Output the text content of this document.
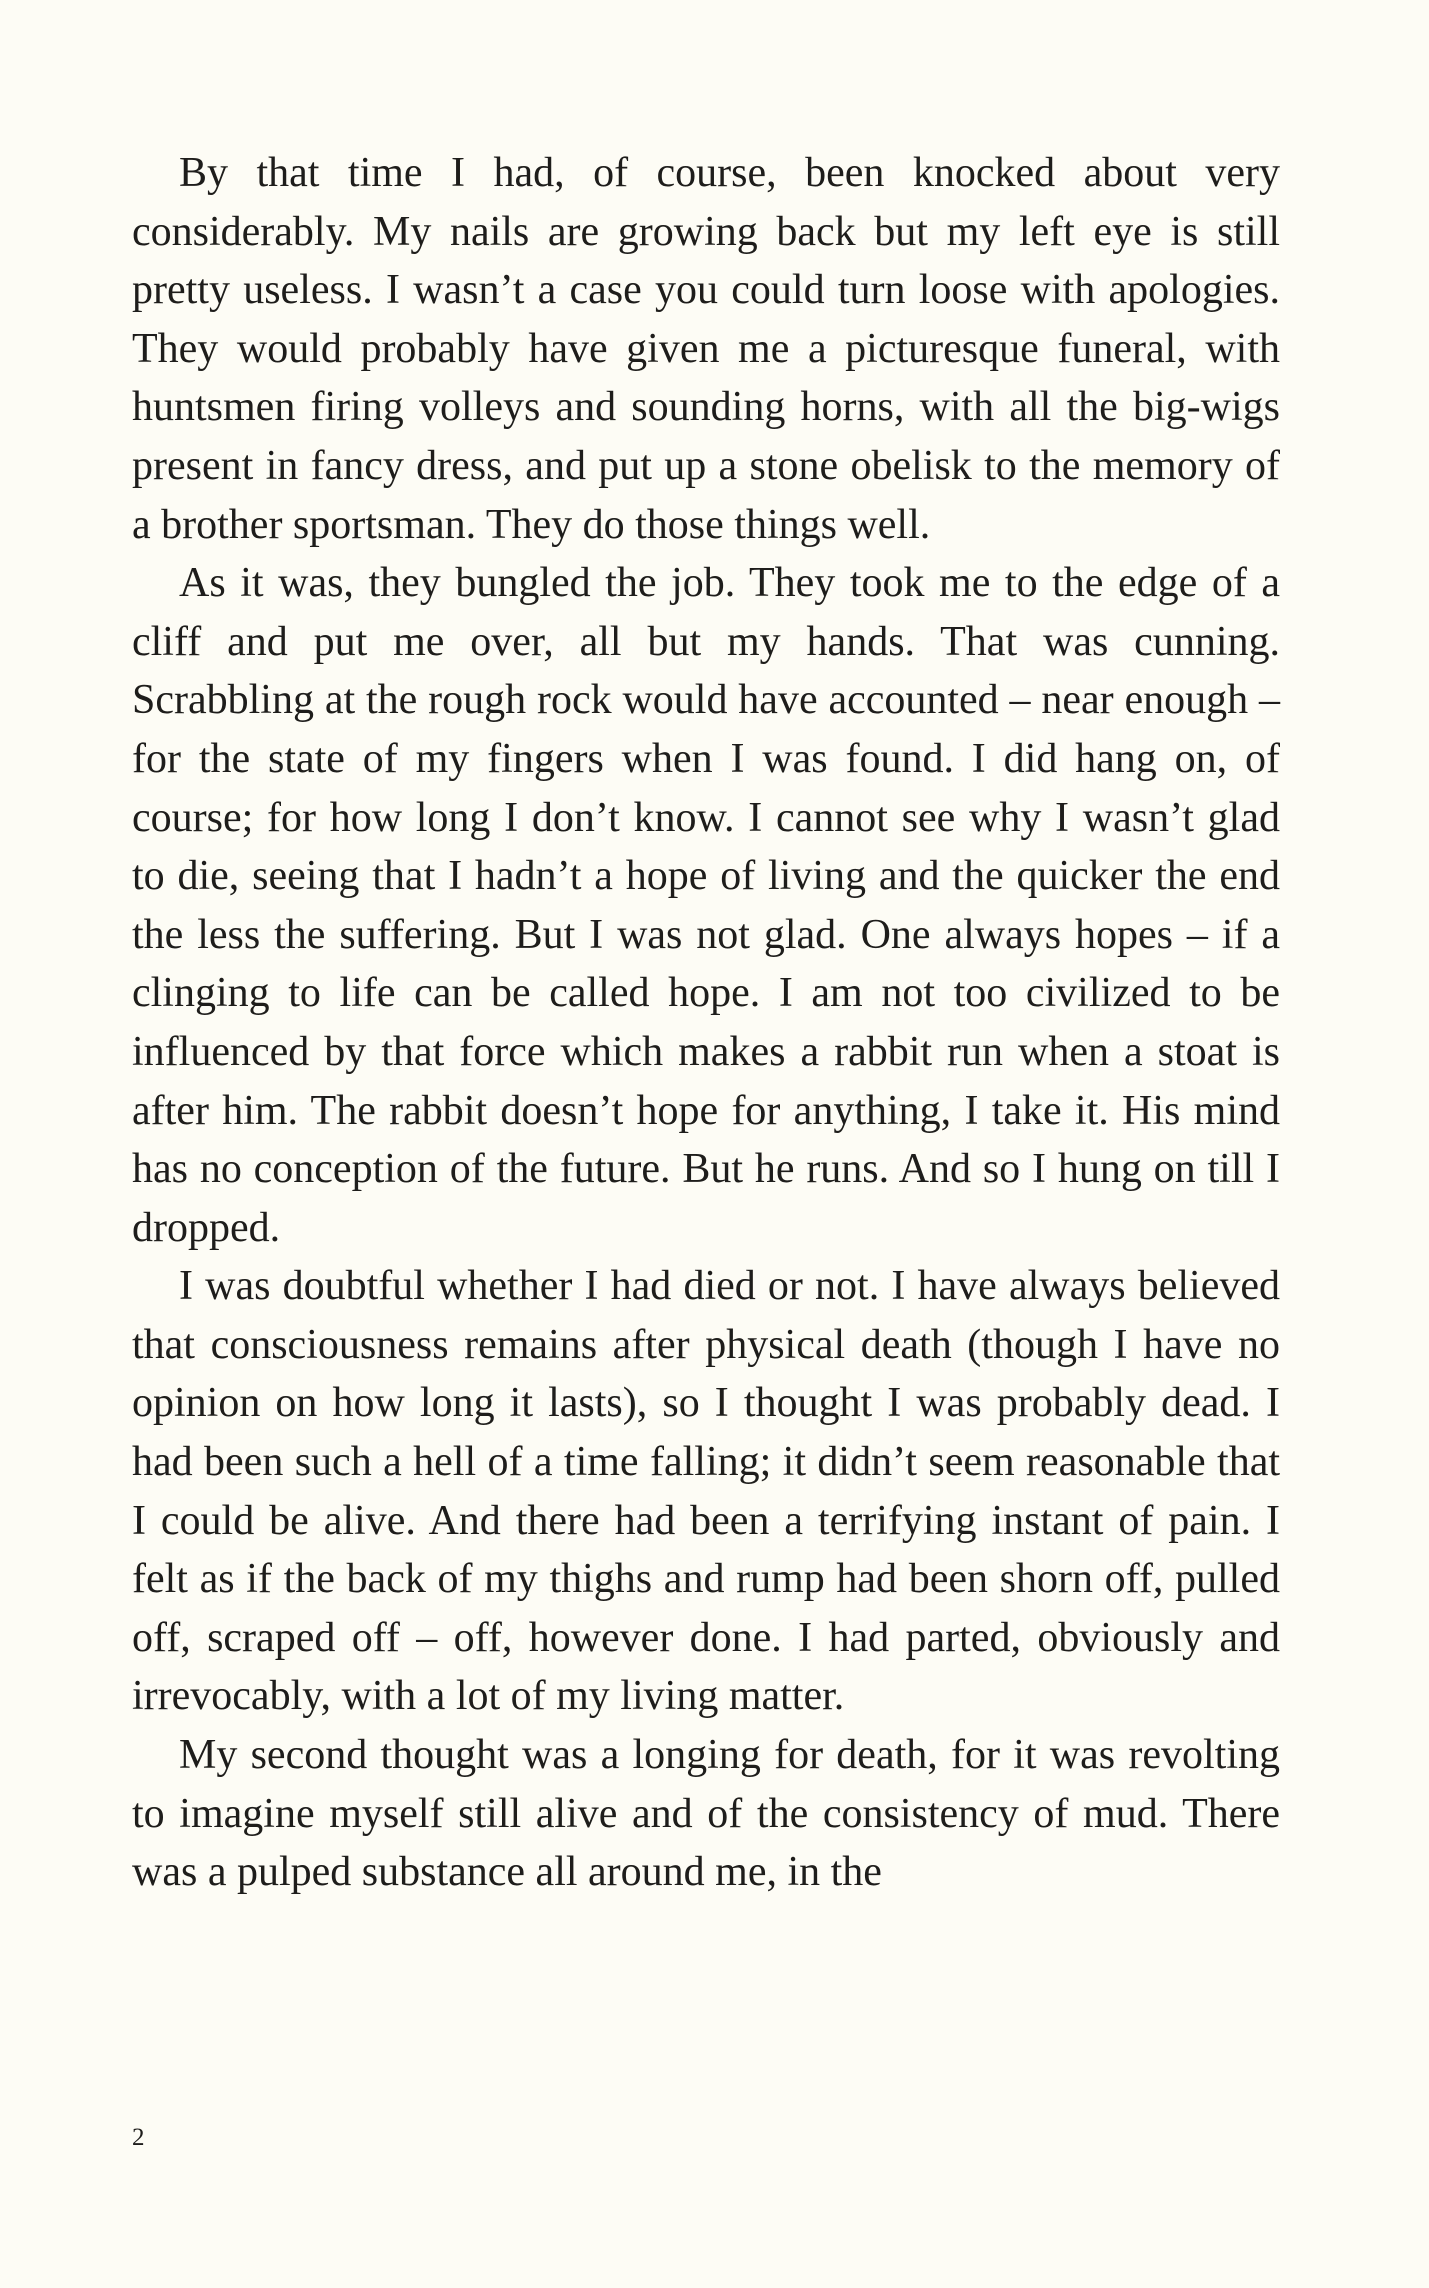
By that time I had, of course, been knocked about very considerably. My nails are growing back but my left eye is still pretty useless. I wasn’t a case you could turn loose with apologies. They would probably have given me a picturesque funeral, with huntsmen firing volleys and sounding horns, with all the big-wigs present in fancy dress, and put up a stone obelisk to the memory of a brother sportsman. They do those things well.

As it was, they bungled the job. They took me to the edge of a cliff and put me over, all but my hands. That was cunning. Scrabbling at the rough rock would have accounted – near enough – for the state of my fingers when I was found. I did hang on, of course; for how long I don’t know. I cannot see why I wasn’t glad to die, seeing that I hadn’t a hope of living and the quicker the end the less the suffering. But I was not glad. One always hopes – if a clinging to life can be called hope. I am not too civilized to be influenced by that force which makes a rabbit run when a stoat is after him. The rabbit doesn’t hope for anything, I take it. His mind has no conception of the future. But he runs. And so I hung on till I dropped.

I was doubtful whether I had died or not. I have always believed that consciousness remains after physical death (though I have no opinion on how long it lasts), so I thought I was probably dead. I had been such a hell of a time falling; it didn’t seem reasonable that I could be alive. And there had been a terrifying instant of pain. I felt as if the back of my thighs and rump had been shorn off, pulled off, scraped off – off, however done. I had parted, obviously and irrevocably, with a lot of my living matter.

My second thought was a longing for death, for it was revolting to imagine myself still alive and of the consistency of mud. There was a pulped substance all around me, in the

2
